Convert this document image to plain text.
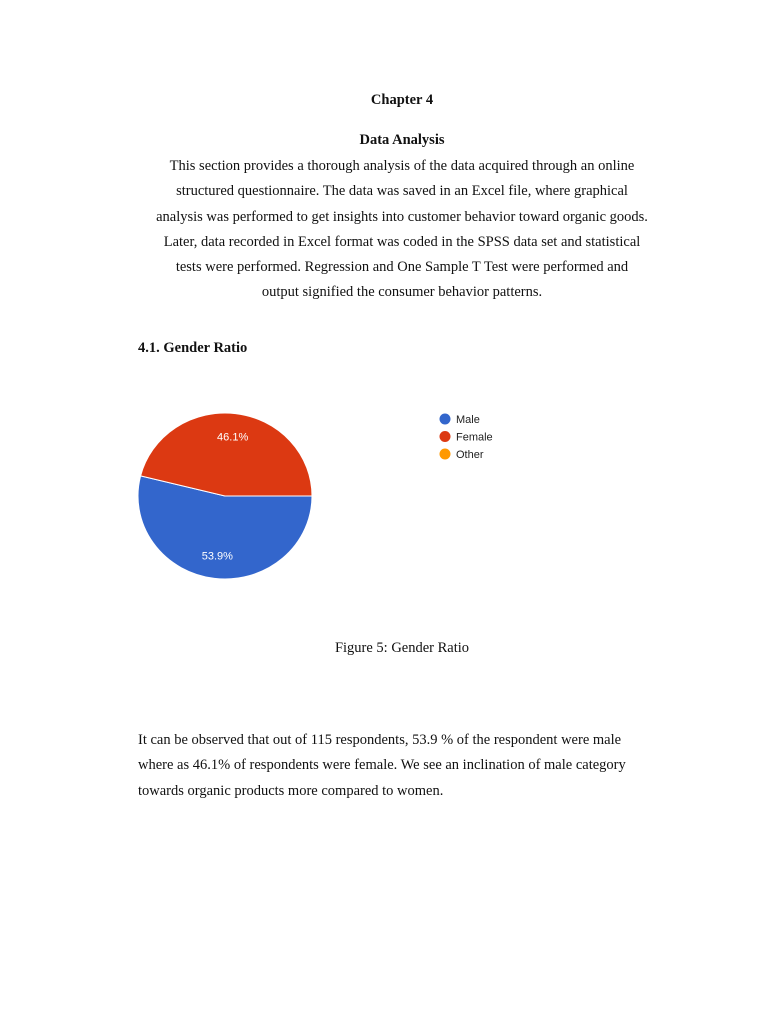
Chapter 4
Data Analysis

This section provides a thorough analysis of the data acquired through an online
structured questionnaire. The data was saved in an Excel file, where graphical
analysis was performed to get insights into customer behavior toward organic goods.
Later, data recorded in Excel format was coded in the SPSS data set and statistical
tests were performed. Regression and One Sample T Test were performed and
output signified the consumer behavior patterns.

4.1. Gender Ratio
53.9%
46.1%
Male
Female
Other
Figure 5: Gender Ratio

It can be observed that out of 115 respondents, 53.9 % of the respondent were male
where as 46.1% of respondents were female. We see an inclination of male category
towards organic products more compared to women.
